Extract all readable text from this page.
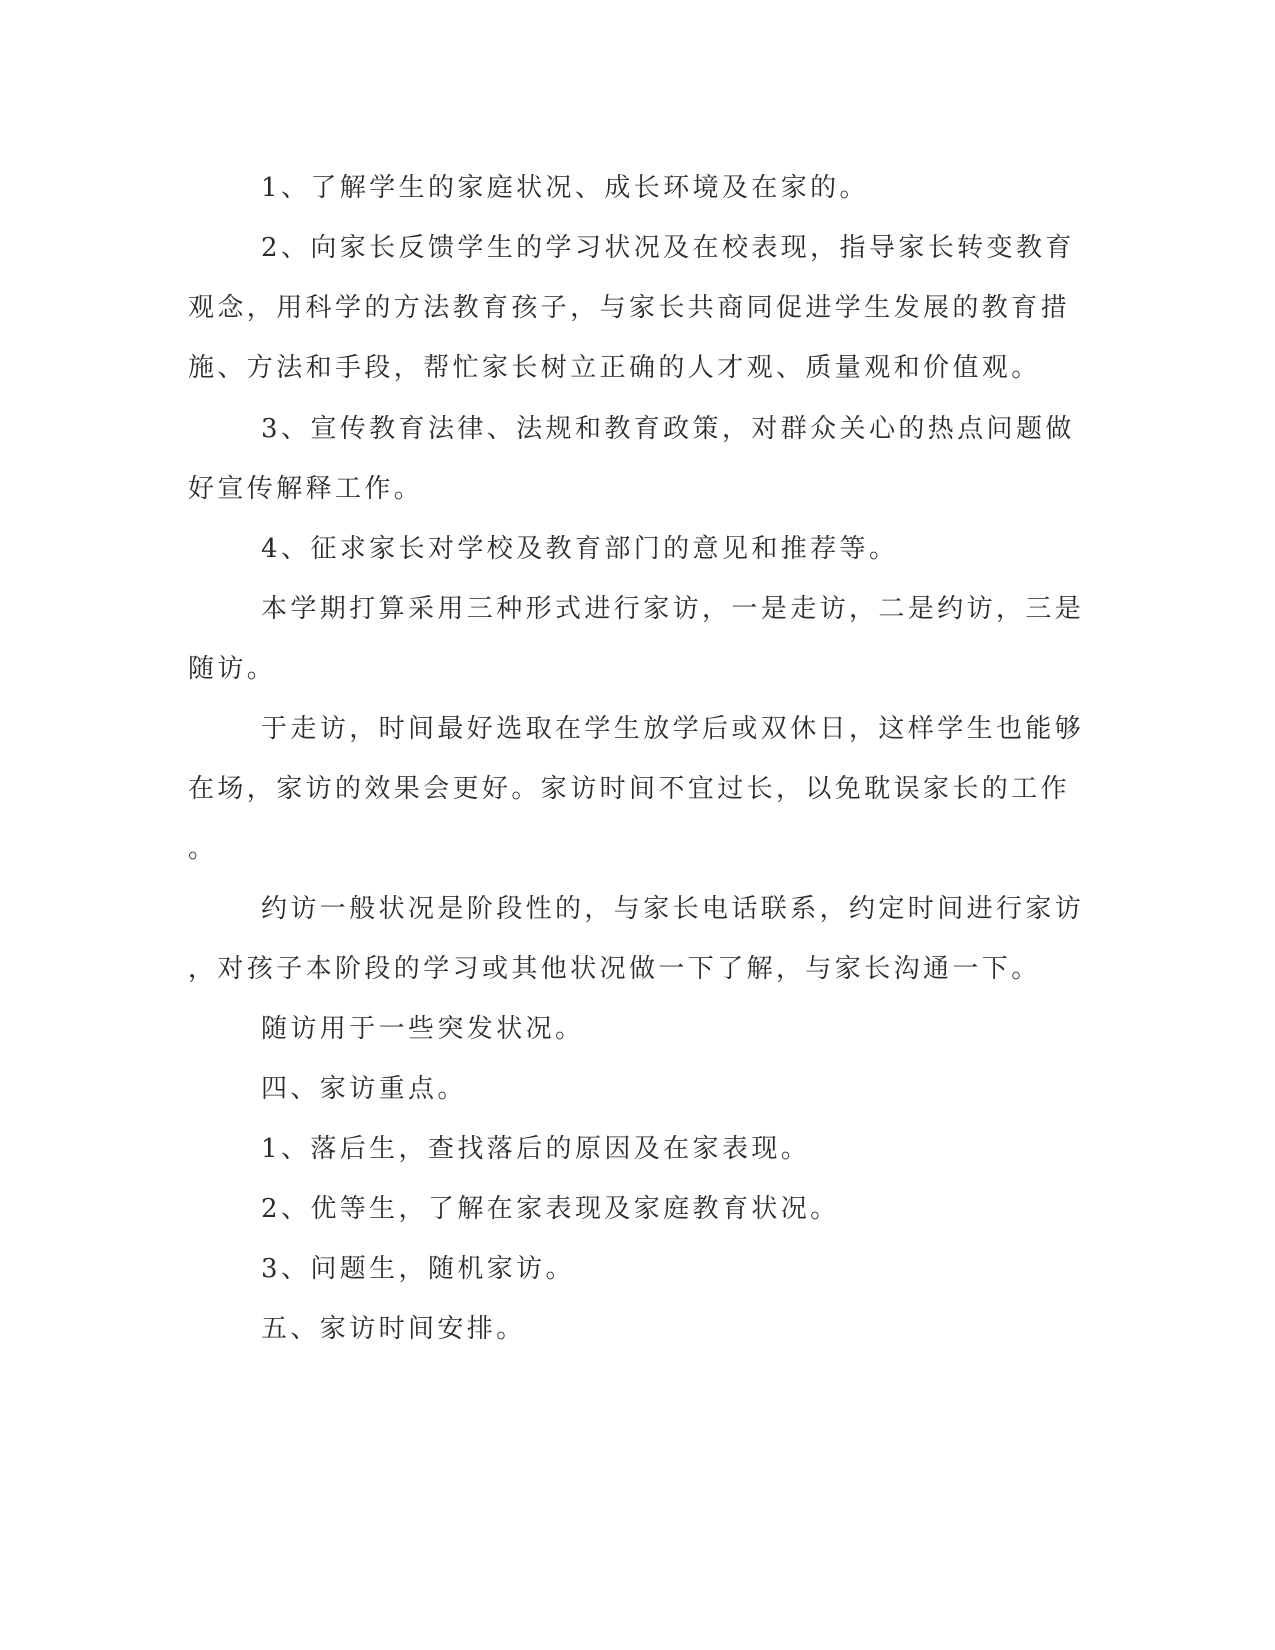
1、了解学生的家庭状况、成长环境及在家的。

2、向家长反馈学生的学习状况及在校表现，指导家长转变教育

观念，用科学的方法教育孩子，与家长共商同促进学生发展的教育措

施、方法和手段，帮忙家长树立正确的人才观、质量观和价值观。

3、宣传教育法律、法规和教育政策，对群众关心的热点问题做

好宣传解释工作。

4、征求家长对学校及教育部门的意见和推荐等。

本学期打算采用三种形式进行家访，一是走访，二是约访，三是

随访。

于走访，时间最好选取在学生放学后或双休日，这样学生也能够

在场，家访的效果会更好。家访时间不宜过长，以免耽误家长的工作

。

约访一般状况是阶段性的，与家长电话联系，约定时间进行家访

，对孩子本阶段的学习或其他状况做一下了解，与家长沟通一下。

随访用于一些突发状况。

四、家访重点。

1、落后生，查找落后的原因及在家表现。

2、优等生，了解在家表现及家庭教育状况。

3、问题生，随机家访。

五、家访时间安排。
